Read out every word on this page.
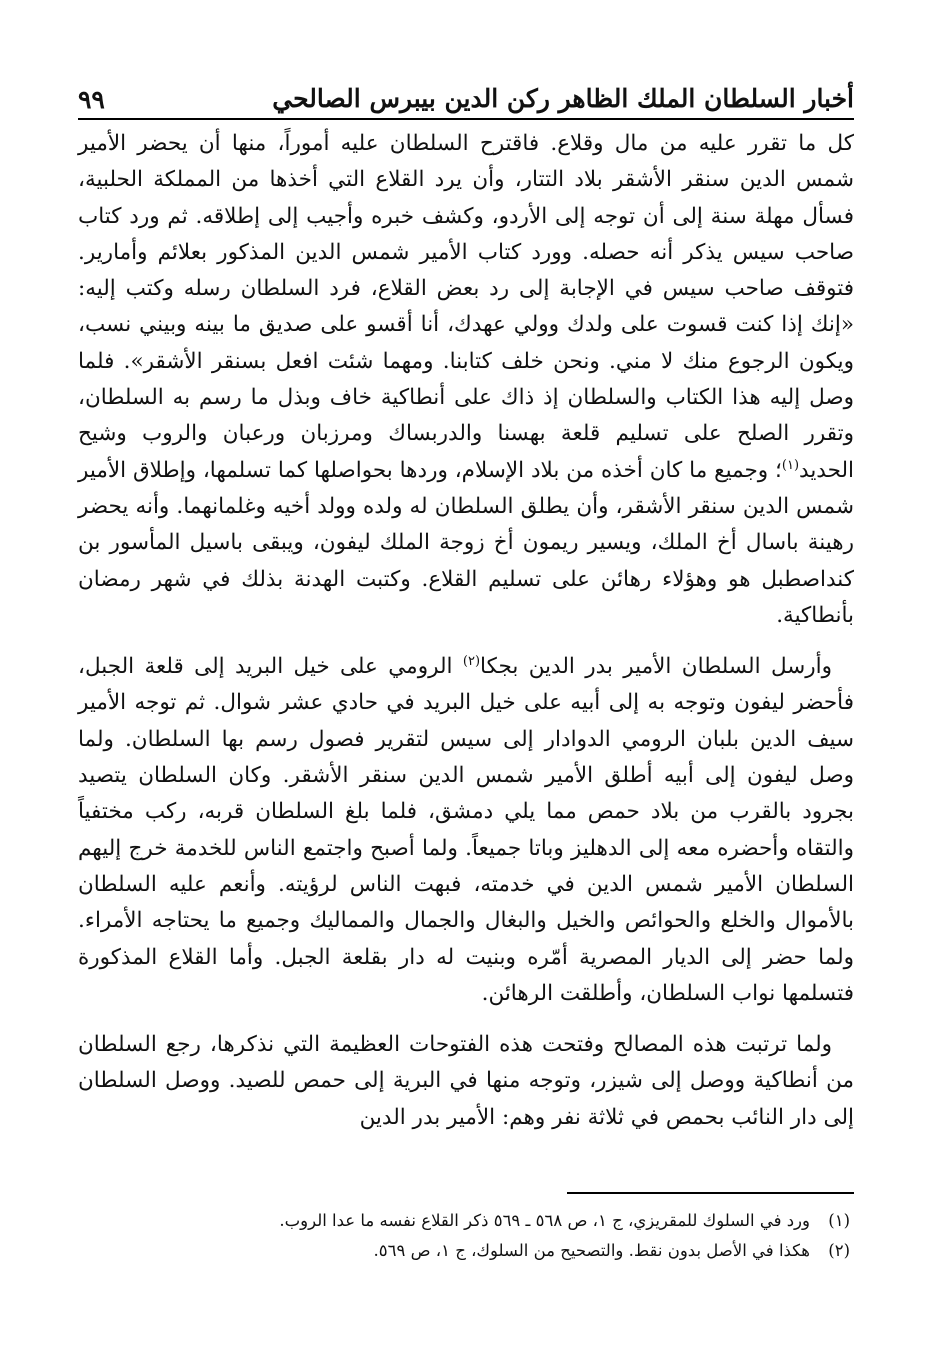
٩٩	أخبار السلطان الملك الظاهر ركن الدين بيبرس الصالحي

كل ما تقرر عليه من مال وقلاع. فاقترح السلطان عليه أموراً، منها أن يحضر الأمير شمس الدين سنقر الأشقر بلاد التتار، وأن يرد القلاع التي أخذها من المملكة الحلبية، فسأل مهلة سنة إلى أن توجه إلى الأردو، وكشف خبره وأجيب إلى إطلاقه. ثم ورد كتاب صاحب سيس يذكر أنه حصله. وورد كتاب الأمير شمس الدين المذكور بعلائم وأمارير. فتوقف صاحب سيس في الإجابة إلى رد بعض القلاع، فرد السلطان رسله وكتب إليه: «إنك إذا كنت قسوت على ولدك وولي عهدك، أنا أقسو على صديق ما بينه وبيني نسب، ويكون الرجوع منك لا مني. ونحن خلف كتابنا. ومهما شئت افعل بسنقر الأشقر». فلما وصل إليه هذا الكتاب والسلطان إذ ذاك على أنطاكية خاف وبذل ما رسم به السلطان، وتقرر الصلح على تسليم قلعة بهسنا والدربساك ومرزبان ورعبان والروب وشيح الحديد$^{(١)}$؛ وجميع ما كان أخذه من بلاد الإسلام، وردها بحواصلها كما تسلمها، وإطلاق الأمير شمس الدين سنقر الأشقر، وأن يطلق السلطان له ولده وولد أخيه وغلمانهما. وأنه يحضر رهينة باسال أخ الملك، ويسير ريمون أخ زوجة الملك ليفون، ويبقى باسيل المأسور بن كنداصطبل هو وهؤلاء رهائن على تسليم القلاع. وكتبت الهدنة بذلك في شهر رمضان بأنطاكية.

وأرسل السلطان الأمير بدر الدين بجكا$^{(٢)}$ الرومي على خيل البريد إلى قلعة الجبل، فأحضر ليفون وتوجه به إلى أبيه على خيل البريد في حادي عشر شوال. ثم توجه الأمير سيف الدين بلبان الرومي الدوادار إلى سيس لتقرير فصول رسم بها السلطان. ولما وصل ليفون إلى أبيه أطلق الأمير شمس الدين سنقر الأشقر. وكان السلطان يتصيد بجرود بالقرب من بلاد حمص مما يلي دمشق، فلما بلغ السلطان قربه، ركب مختفياً والتقاه وأحضره معه إلى الدهليز وباتا جميعاً. ولما أصبح واجتمع الناس للخدمة خرج إليهم السلطان الأمير شمس الدين في خدمته، فبهت الناس لرؤيته. وأنعم عليه السلطان بالأموال والخلع والحوائص والخيل والبغال والجمال والمماليك وجميع ما يحتاجه الأمراء. ولما حضر إلى الديار المصرية أمّره وبنيت له دار بقلعة الجبل. وأما القلاع المذكورة فتسلمها نواب السلطان، وأطلقت الرهائن.

ولما ترتبت هذه المصالح وفتحت هذه الفتوحات العظيمة التي نذكرها، رجع السلطان من أنطاكية ووصل إلى شيزر، وتوجه منها في البرية إلى حمص للصيد. ووصل السلطان إلى دار النائب بحمص في ثلاثة نفر وهم: الأمير بدر الدين

(١)
ورد في السلوك للمقريزي، ج ١، ص ٥٦٨ ـ ٥٦٩ ذكر القلاع نفسه ما عدا الروب.
(٢)
هكذا في الأصل بدون نقط. والتصحيح من السلوك، ج ١، ص ٥٦٩.
